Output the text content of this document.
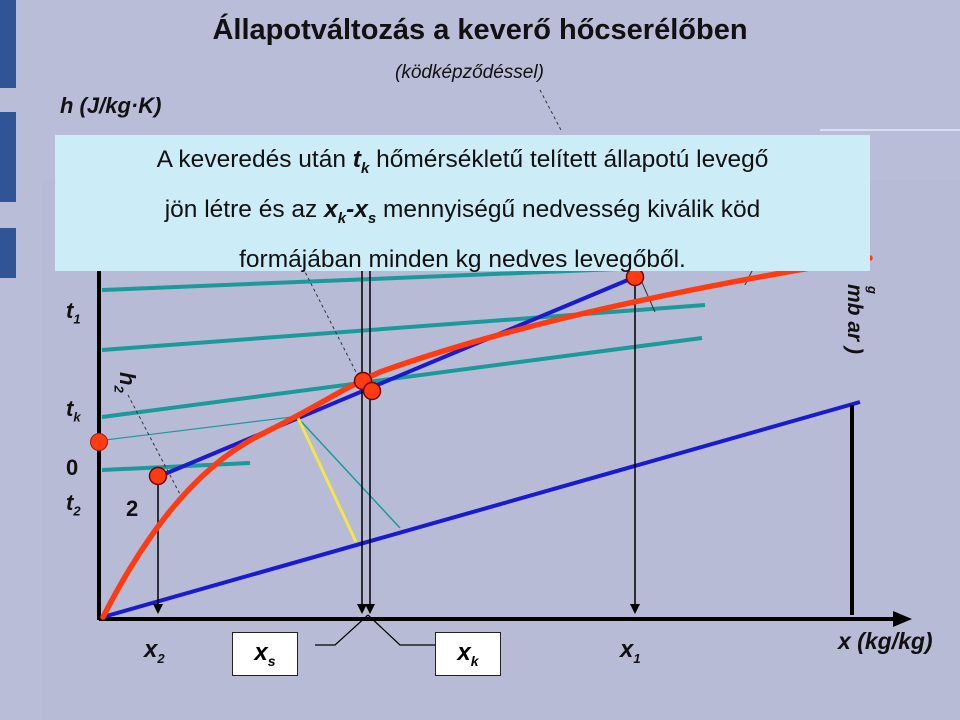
Állapotváltozás a keverő hőcserélőben
(ködképződéssel)
h (J/kg·K)
$t_1$
$t_k$
0
$t_2$
$h_2$
2
$x_2$	$x_s$	$x_k$	$x_1$
x (kg/kg)
mb ar ) g
A keveredés után $t_k$ hőmérsékletű telített állapotú levegő
jön létre és az $x_k-x_s$ mennyiségű nedvesség kiválik köd
formájában minden kg nedves levegőből.
